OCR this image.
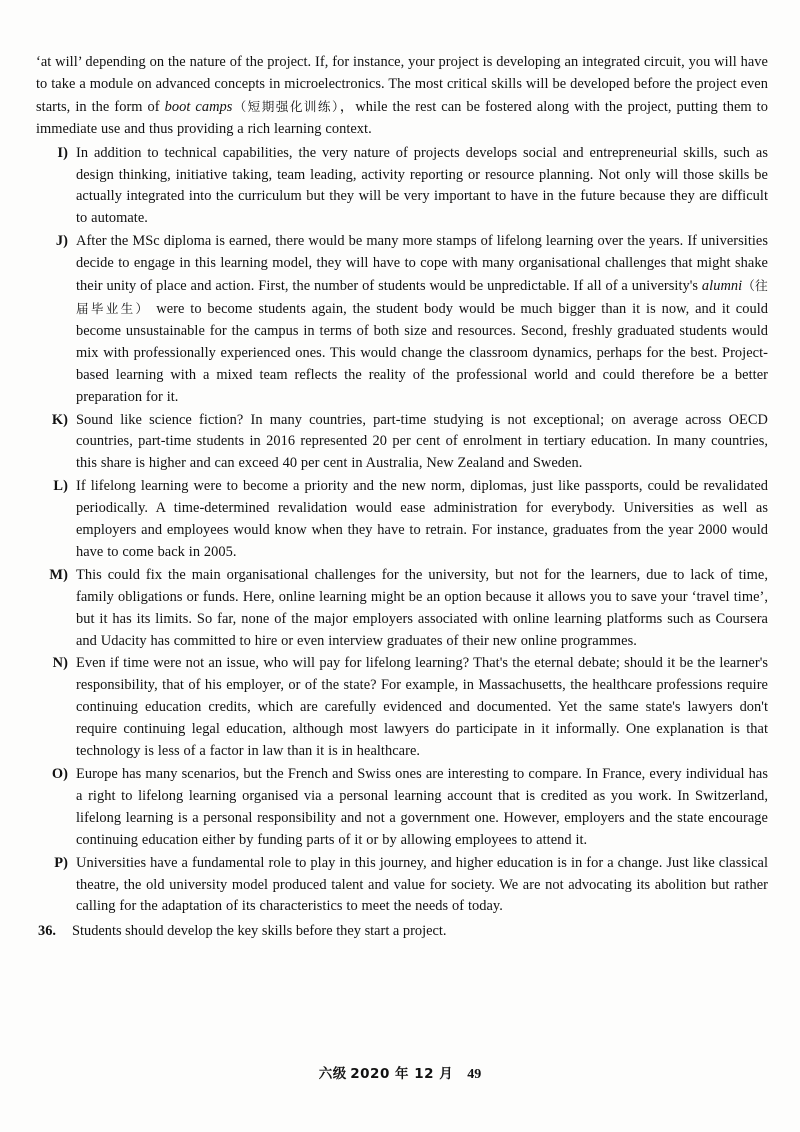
‘at will’ depending on the nature of the project. If, for instance, your project is developing an integrated circuit, you will have to take a module on advanced concepts in microelectronics. The most critical skills will be developed before the project even starts, in the form of boot camps（短期强化训练），while the rest can be fostered along with the project, putting them to immediate use and thus providing a rich learning context.
I) In addition to technical capabilities, the very nature of projects develops social and entrepreneurial skills, such as design thinking, initiative taking, team leading, activity reporting or resource planning. Not only will those skills be actually integrated into the curriculum but they will be very important to have in the future because they are difficult to automate.
J) After the MSc diploma is earned, there would be many more stamps of lifelong learning over the years. If universities decide to engage in this learning model, they will have to cope with many organisational challenges that might shake their unity of place and action. First, the number of students would be unpredictable. If all of a university's alumni（往届毕业生） were to become students again, the student body would be much bigger than it is now, and it could become unsustainable for the campus in terms of both size and resources. Second, freshly graduated students would mix with professionally experienced ones. This would change the classroom dynamics, perhaps for the best. Project-based learning with a mixed team reflects the reality of the professional world and could therefore be a better preparation for it.
K) Sound like science fiction? In many countries, part-time studying is not exceptional; on average across OECD countries, part-time students in 2016 represented 20 per cent of enrolment in tertiary education. In many countries, this share is higher and can exceed 40 per cent in Australia, New Zealand and Sweden.
L) If lifelong learning were to become a priority and the new norm, diplomas, just like passports, could be revalidated periodically. A time-determined revalidation would ease administration for everybody. Universities as well as employers and employees would know when they have to retrain. For instance, graduates from the year 2000 would have to come back in 2005.
M) This could fix the main organisational challenges for the university, but not for the learners, due to lack of time, family obligations or funds. Here, online learning might be an option because it allows you to save your ‘travel time’, but it has its limits. So far, none of the major employers associated with online learning platforms such as Coursera and Udacity has committed to hire or even interview graduates of their new online programmes.
N) Even if time were not an issue, who will pay for lifelong learning? That's the eternal debate; should it be the learner's responsibility, that of his employer, or of the state? For example, in Massachusetts, the healthcare professions require continuing education credits, which are carefully evidenced and documented. Yet the same state's lawyers don't require continuing legal education, although most lawyers do participate in it informally. One explanation is that technology is less of a factor in law than it is in healthcare.
O) Europe has many scenarios, but the French and Swiss ones are interesting to compare. In France, every individual has a right to lifelong learning organised via a personal learning account that is credited as you work. In Switzerland, lifelong learning is a personal responsibility and not a government one. However, employers and the state encourage continuing education either by funding parts of it or by allowing employees to attend it.
P) Universities have a fundamental role to play in this journey, and higher education is in for a change. Just like classical theatre, the old university model produced talent and value for society. We are not advocating its abolition but rather calling for the adaptation of its characteristics to meet the needs of today.
36.	Students should develop the key skills before they start a project.
六级 2020 年 12 月 49
